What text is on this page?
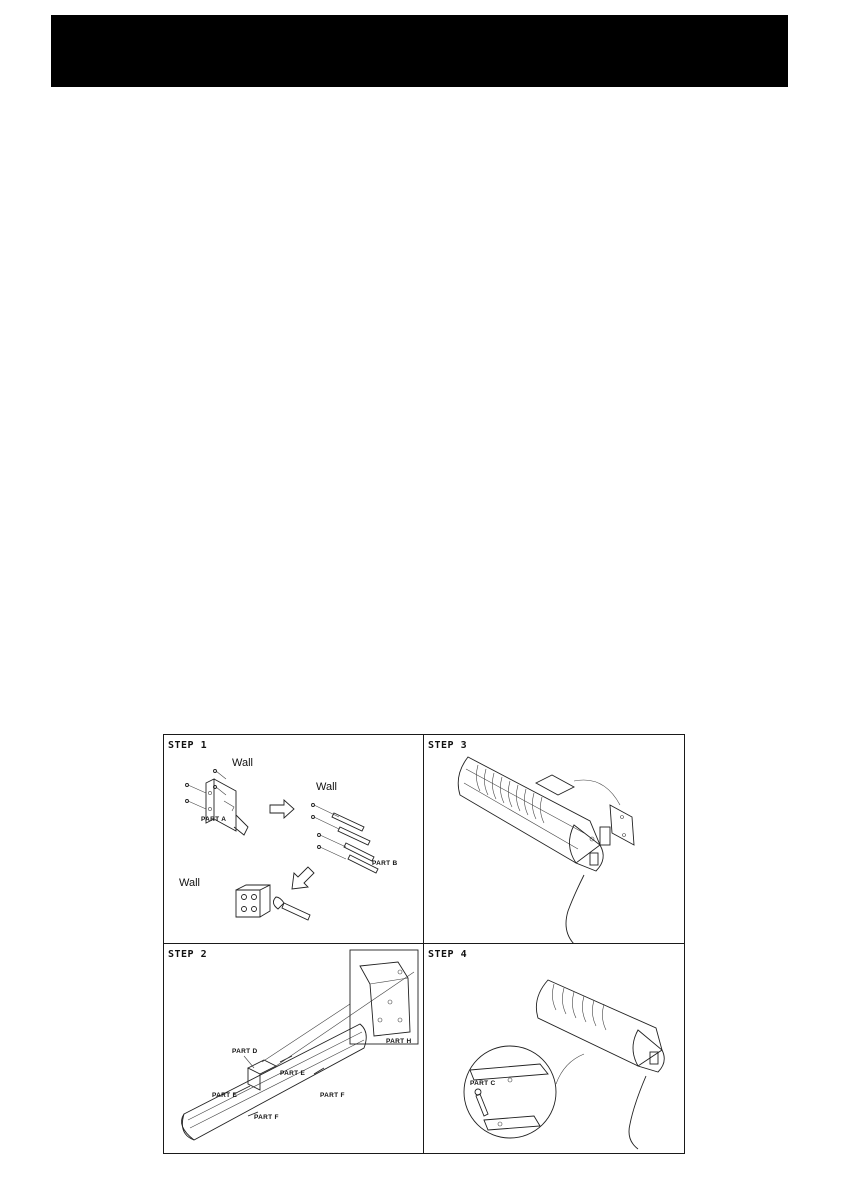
STEP 1
Wall
Wall
Wall
PART A
PART B
STEP 3
STEP 2
PART D
PART E
PART E	PART F
PART F
PART H
STEP 4
PART C
